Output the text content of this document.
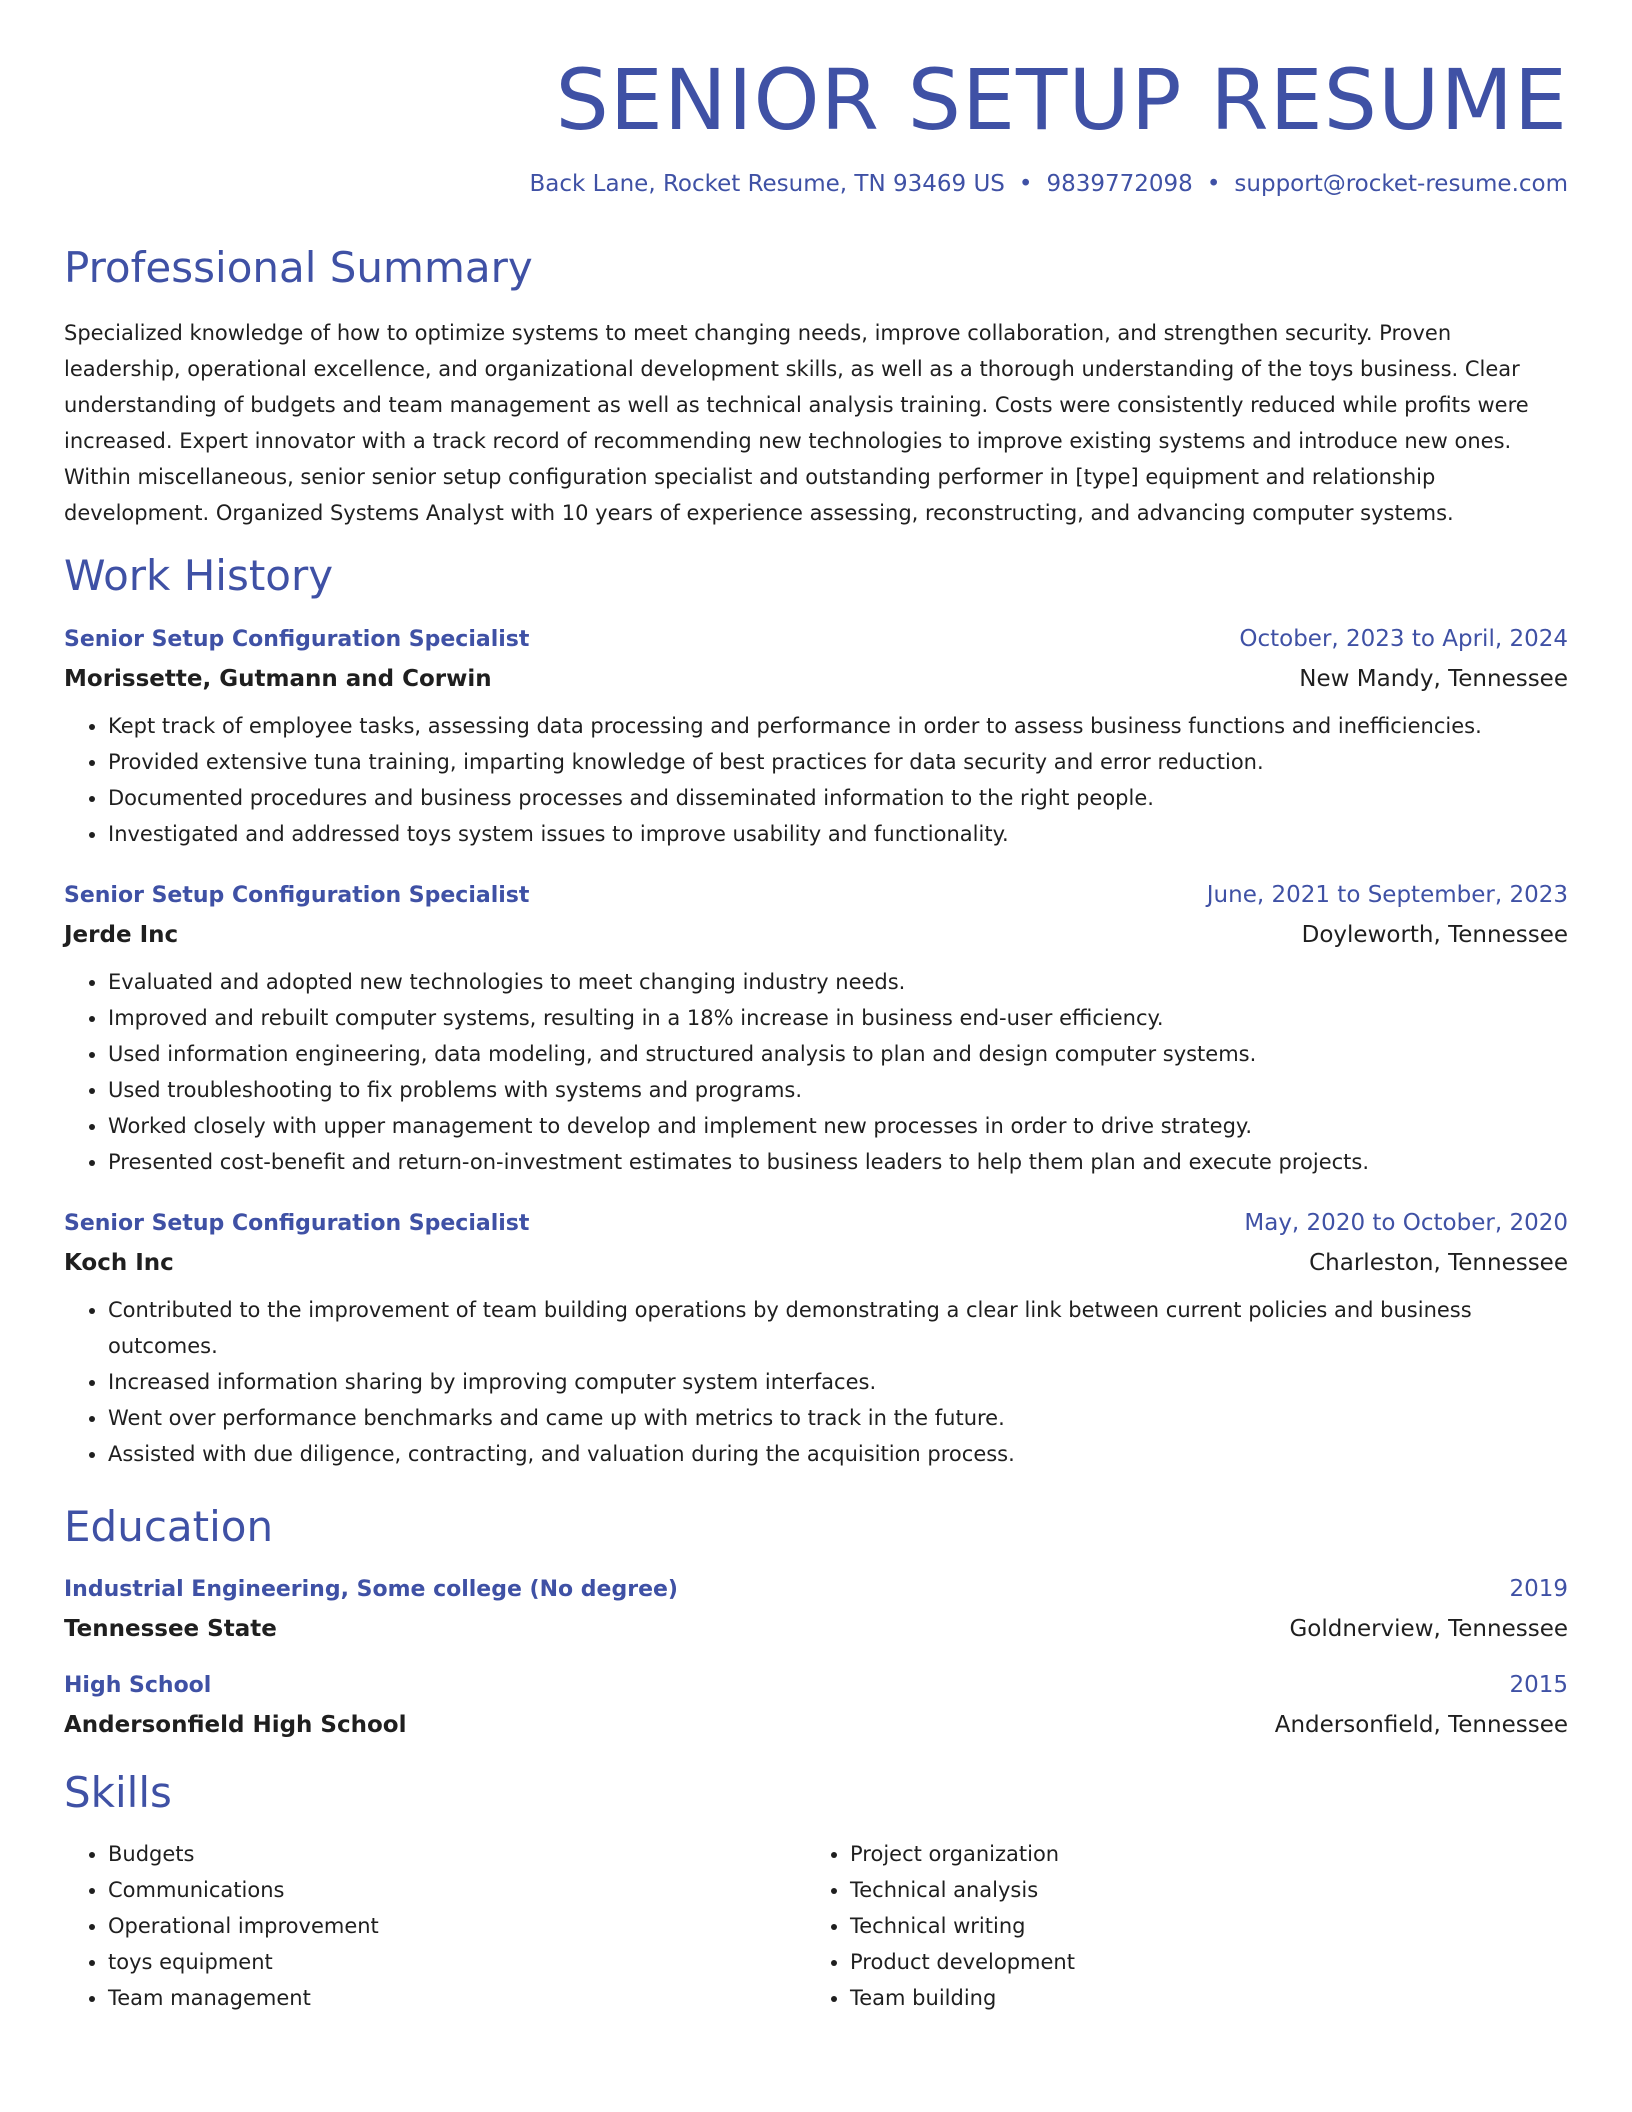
SENIOR SETUP RESUME
Back Lane, Rocket Resume, TN 93469 US • 9839772098 • support@rocket-resume.com
Professional Summary

Specialized knowledge of how to optimize systems to meet changing needs, improve collaboration, and strengthen security. Proven leadership, operational excellence, and organizational development skills, as well as a thorough understanding of the toys business. Clear understanding of budgets and team management as well as technical analysis training. Costs were consistently reduced while profits were increased. Expert innovator with a track record of recommending new technologies to improve existing systems and introduce new ones. Within miscellaneous, senior senior setup configuration specialist and outstanding performer in [type] equipment and relationship development. Organized Systems Analyst with 10 years of experience assessing, reconstructing, and advancing computer systems.

Work History
Senior Setup Configuration Specialist	October, 2023 to April, 2024
Morissette, Gutmann and Corwin	New Mandy, Tennessee
• Kept track of employee tasks, assessing data processing and performance in order to assess business functions and inefficiencies.
• Provided extensive tuna training, imparting knowledge of best practices for data security and error reduction.
• Documented procedures and business processes and disseminated information to the right people.
• Investigated and addressed toys system issues to improve usability and functionality.
Senior Setup Configuration Specialist	June, 2021 to September, 2023
Jerde Inc	Doyleworth, Tennessee
• Evaluated and adopted new technologies to meet changing industry needs.
• Improved and rebuilt computer systems, resulting in a 18% increase in business end-user efficiency.
• Used information engineering, data modeling, and structured analysis to plan and design computer systems.
• Used troubleshooting to fix problems with systems and programs.
• Worked closely with upper management to develop and implement new processes in order to drive strategy.
• Presented cost-benefit and return-on-investment estimates to business leaders to help them plan and execute projects.
Senior Setup Configuration Specialist	May, 2020 to October, 2020
Koch Inc	Charleston, Tennessee
• Contributed to the improvement of team building operations by demonstrating a clear link between current policies and business outcomes.
• Increased information sharing by improving computer system interfaces.
• Went over performance benchmarks and came up with metrics to track in the future.
• Assisted with due diligence, contracting, and valuation during the acquisition process.
Education
Industrial Engineering, Some college (No degree)	2019
Tennessee State	Goldnerview, Tennessee
High School	2015
Andersonfield High School	Andersonfield, Tennessee
Skills
• Budgets
• Communications
• Operational improvement
• toys equipment
• Team management
• Project organization
• Technical analysis
• Technical writing
• Product development
• Team building
